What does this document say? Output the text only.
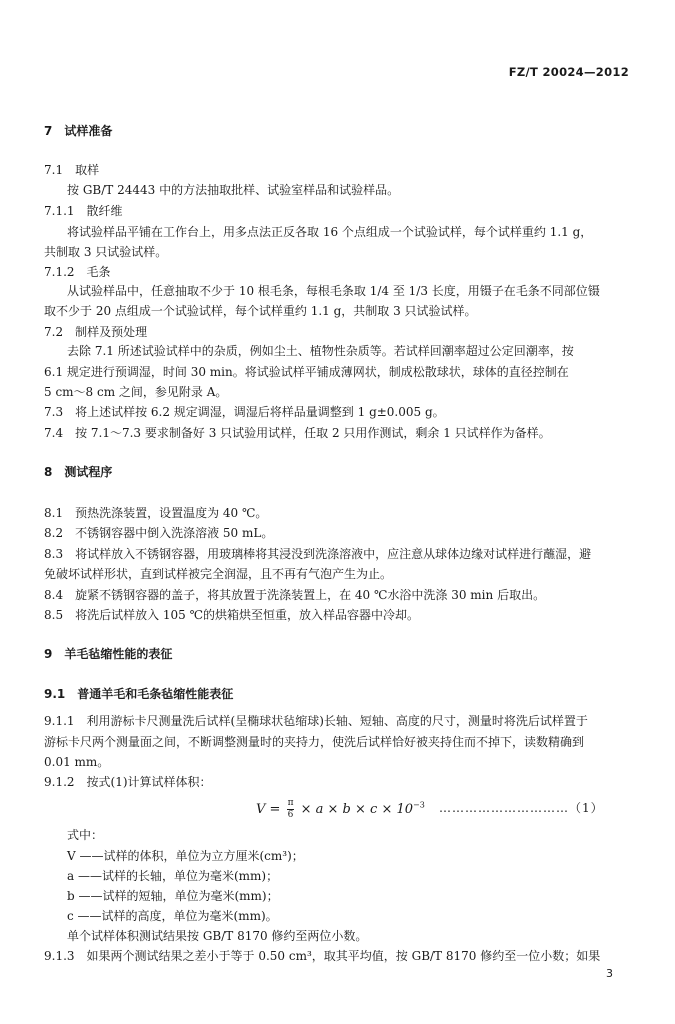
FZ/T 20024—2012
7　试样准备
7.1　取样
按 GB/T 24443 中的方法抽取批样、试验室样品和试验样品。
7.1.1　散纤维
将试验样品平铺在工作台上，用多点法正反各取 16 个点组成一个试验试样，每个试样重约 1.1 g，
共制取 3 只试验试样。
7.1.2　毛条
从试验样品中，任意抽取不少于 10 根毛条，每根毛条取 1/4 至 1/3 长度，用镊子在毛条不同部位镊
取不少于 20 点组成一个试验试样，每个试样重约 1.1 g，共制取 3 只试验试样。
7.2　制样及预处理
去除 7.1 所述试验试样中的杂质，例如尘土、植物性杂质等。若试样回潮率超过公定回潮率，按
6.1 规定进行预调湿，时间 30 min。将试验试样平铺成薄网状，制成松散球状，球体的直径控制在
5 cm～8 cm 之间，参见附录 A。
7.3　将上述试样按 6.2 规定调湿，调湿后将样品量调整到 1 g±0.005 g。
7.4　按 7.1～7.3 要求制备好 3 只试验用试样，任取 2 只用作测试，剩余 1 只试样作为备样。
8　测试程序
8.1　预热洗涤装置，设置温度为 40 ℃。
8.2　不锈钢容器中倒入洗涤溶液 50 mL。
8.3　将试样放入不锈钢容器，用玻璃棒将其浸没到洗涤溶液中，应注意从球体边缘对试样进行蘸湿，避
免破坏试样形状，直到试样被完全润湿，且不再有气泡产生为止。
8.4　旋紧不锈钢容器的盖子，将其放置于洗涤装置上，在 40 ℃水浴中洗涤 30 min 后取出。
8.5　将洗后试样放入 105 ℃的烘箱烘至恒重，放入样品容器中冷却。
9　羊毛毡缩性能的表征
9.1　普通羊毛和毛条毡缩性能表征
9.1.1　利用游标卡尺测量洗后试样(呈椭球状毡缩球)长轴、短轴、高度的尺寸，测量时将洗后试样置于
游标卡尺两个测量面之间，不断调整测量时的夹持力，使洗后试样恰好被夹持住而不掉下，读数精确到
0.01 mm。
9.1.2　按式(1)计算试样体积：
$V = \frac{\pi}{6} \times a \times b \times c \times 10^{-3}$ …………………………（1）
式中：
V ——试样的体积，单位为立方厘米(cm³)；
a ——试样的长轴，单位为毫米(mm)；
b ——试样的短轴，单位为毫米(mm)；
c ——试样的高度，单位为毫米(mm)。
单个试样体积测试结果按 GB/T 8170 修约至两位小数。
9.1.3　如果两个测试结果之差小于等于 0.50 cm³，取其平均值，按 GB/T 8170 修约至一位小数；如果
3
